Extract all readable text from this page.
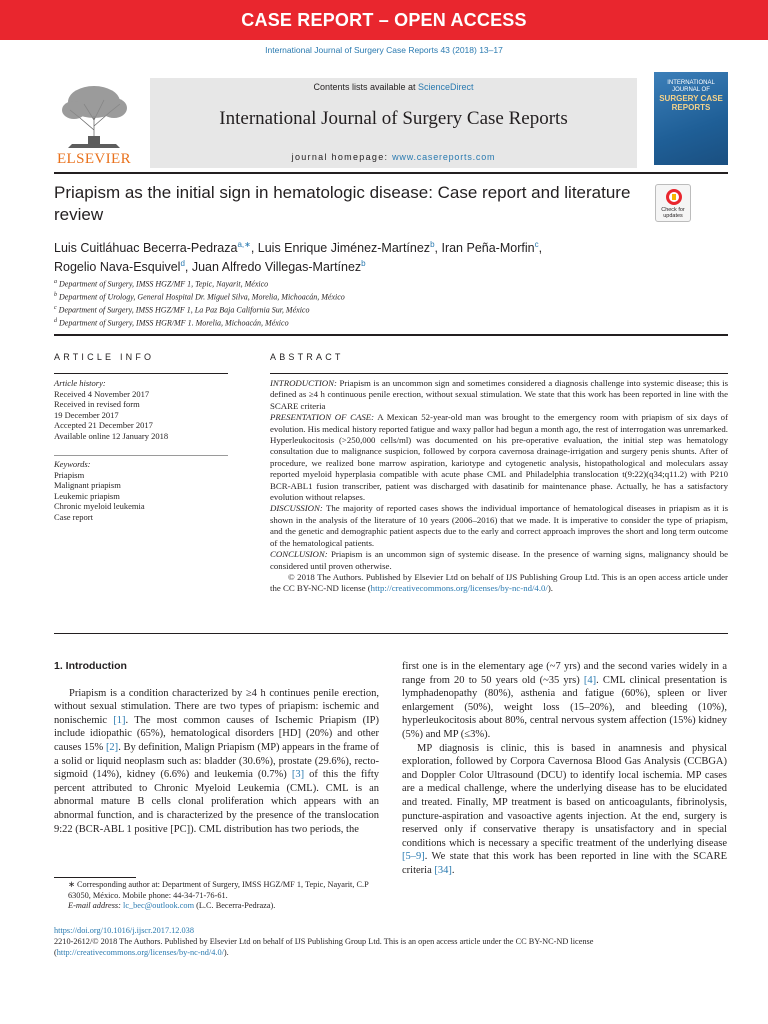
CASE REPORT – OPEN ACCESS
International Journal of Surgery Case Reports 43 (2018) 13–17
ELSEVIER
Contents lists available at ScienceDirect
International Journal of Surgery Case Reports
journal homepage: www.casereports.com
INTERNATIONAL JOURNAL OF
SURGERY CASE REPORTS
Priapism as the initial sign in hematologic disease: Case report and literature review	Check for updates
Luis Cuitláhuac Becerra-Pedraza$^{a,∗}$, Luis Enrique Jiménez-Martínez$^b$, Iran Peña-Morfin$^c$,
Rogelio Nava-Esquivel$^d$, Juan Alfredo Villegas-Martínez$^b$
$^a$ Department of Surgery, IMSS HGZ/MF 1, Tepic, Nayarit, México
$^b$ Department of Urology, General Hospital Dr. Miguel Silva, Morelia, Michoacán, México
$^c$ Department of Surgery, IMSS HGZ/MF 1, La Paz Baja California Sur, México
$^d$ Department of Surgery, IMSS HGR/MF 1. Morelia, Michoacán, México
ARTICLE INFO	ABSTRACT
Article history:
Received 4 November 2017
Received in revised form
19 December 2017
Accepted 21 December 2017
Available online 12 January 2018
Keywords:
Priapism
Malignant priapism
Leukemic priapism
Chronic myeloid leukemia
Case report

INTRODUCTION: Priapism is an uncommon sign and sometimes considered a diagnosis challenge into systemic disease; this is defined as ≥4 h continuous penile erection, without sexual stimulation. We state that this work has been reported in line with the SCARE criteria

PRESENTATION OF CASE: A Mexican 52-year-old man was brought to the emergency room with priapism of six days of evolution. His medical history reported fatigue and waxy pallor had begun a month ago, the rest of interrogation was unremarked. Hyperleukocitosis (>250,000 cells/ml) was documented on his pre-operative evaluation, the initial step was hematology consultation due to malignance suspicion, followed by corpora cavernosa drainage-irrigation and surgery penis shunts. After of procedure, we realized bone marrow aspiration, kariotype and cytogenetic analysis, histopathological and moleculars assay reported myeloid hyperplasia compatible with acute phase CML and Philadelphia translocation t(9:22)(q34;q11.2) with P210 BCR-ABL1 fusion transcriber, patient was discharged with dasatinib for maintenance phase. Actually, he has a satisfactory evolution without relapses.

DISCUSSION: The majority of reported cases shows the individual importance of hematological diseases in priapism as it is shown in the analysis of the literature of 10 years (2006–2016) that we made. It is imperative to consider the type of priapism, and the genetic and demographic patient aspects due to the early and correct approach improves the short and long term outcome of the hematological patients.

CONCLUSION: Priapism is an uncommon sign of systemic disease. In the presence of warning signs, malignancy should be considered until proven otherwise.

© 2018 The Authors. Published by Elsevier Ltd on behalf of IJS Publishing Group Ltd. This is an open access article under the CC BY-NC-ND license (http://creativecommons.org/licenses/by-nc-nd/4.0/).

1. Introduction

Priapism is a condition characterized by ≥4 h continues penile erection, without sexual stimulation. There are two types of priapism: ischemic and nonischemic [1]. The most common causes of Ischemic Priapism (IP) include idiopathic (65%), hematological disorders [HD] (20%) and other causes 15% [2]. By definition, Malign Priapism (MP) appears in the frame of a solid or liquid neoplasm such as: bladder (30.6%), prostate (29.6%), recto-sigmoid (14%), kidney (6.6%) and leukemia (0.7%) [3] of this the fifty percent attributed to Chronic Myeloid Leukemia (CML). CML is an abnormal mature B cells clonal proliferation which appears with an abnormal function, and is characterized by the presence of the translocation 9:22 (BCR-ABL 1 positive [PC]). CML distribution has two periods, the

first one is in the elementary age (~7 yrs) and the second varies widely in a range from 20 to 50 years old (~35 yrs) [4]. CML clinical presentation is lymphadenopathy (80%), asthenia and fatigue (60%), spleen or liver enlargement (50%), weight loss (15–20%), and bleeding (10%), hyperleukocitosis about 80%, central nervous system affection (15%) kidney (5%) and MP (≤3%).

MP diagnosis is clinic, this is based in anamnesis and physical exploration, followed by Corpora Cavernosa Blood Gas Analysis (CCBGA) and Doppler Color Ultrasound (DCU) to identify local ischemia. MP cases are a medical challenge, where the underlying disease has to be elucidated and treated. Finally, MP treatment is based on anticoagulants, fibrinolysis, puncture-aspiration and vasoactive agents injection. At the end, surgery is reserved only if conservative therapy is unsatisfactory and in special conditions which is necessary a specific treatment of the underlying disease [5–9]. We state that this work has been reported in line with the SCARE criteria [34].

∗ Corresponding author at: Department of Surgery, IMSS HGZ/MF 1, Tepic, Nayarit, C.P 63050, México. Mobile phone: 44-34-71-76-61.
E-mail address: lc_bec@outlook.com (L.C. Becerra-Pedraza).
https://doi.org/10.1016/j.ijscr.2017.12.038
2210-2612/© 2018 The Authors. Published by Elsevier Ltd on behalf of IJS Publishing Group Ltd. This is an open access article under the CC BY-NC-ND license (http://creativecommons.org/licenses/by-nc-nd/4.0/).
